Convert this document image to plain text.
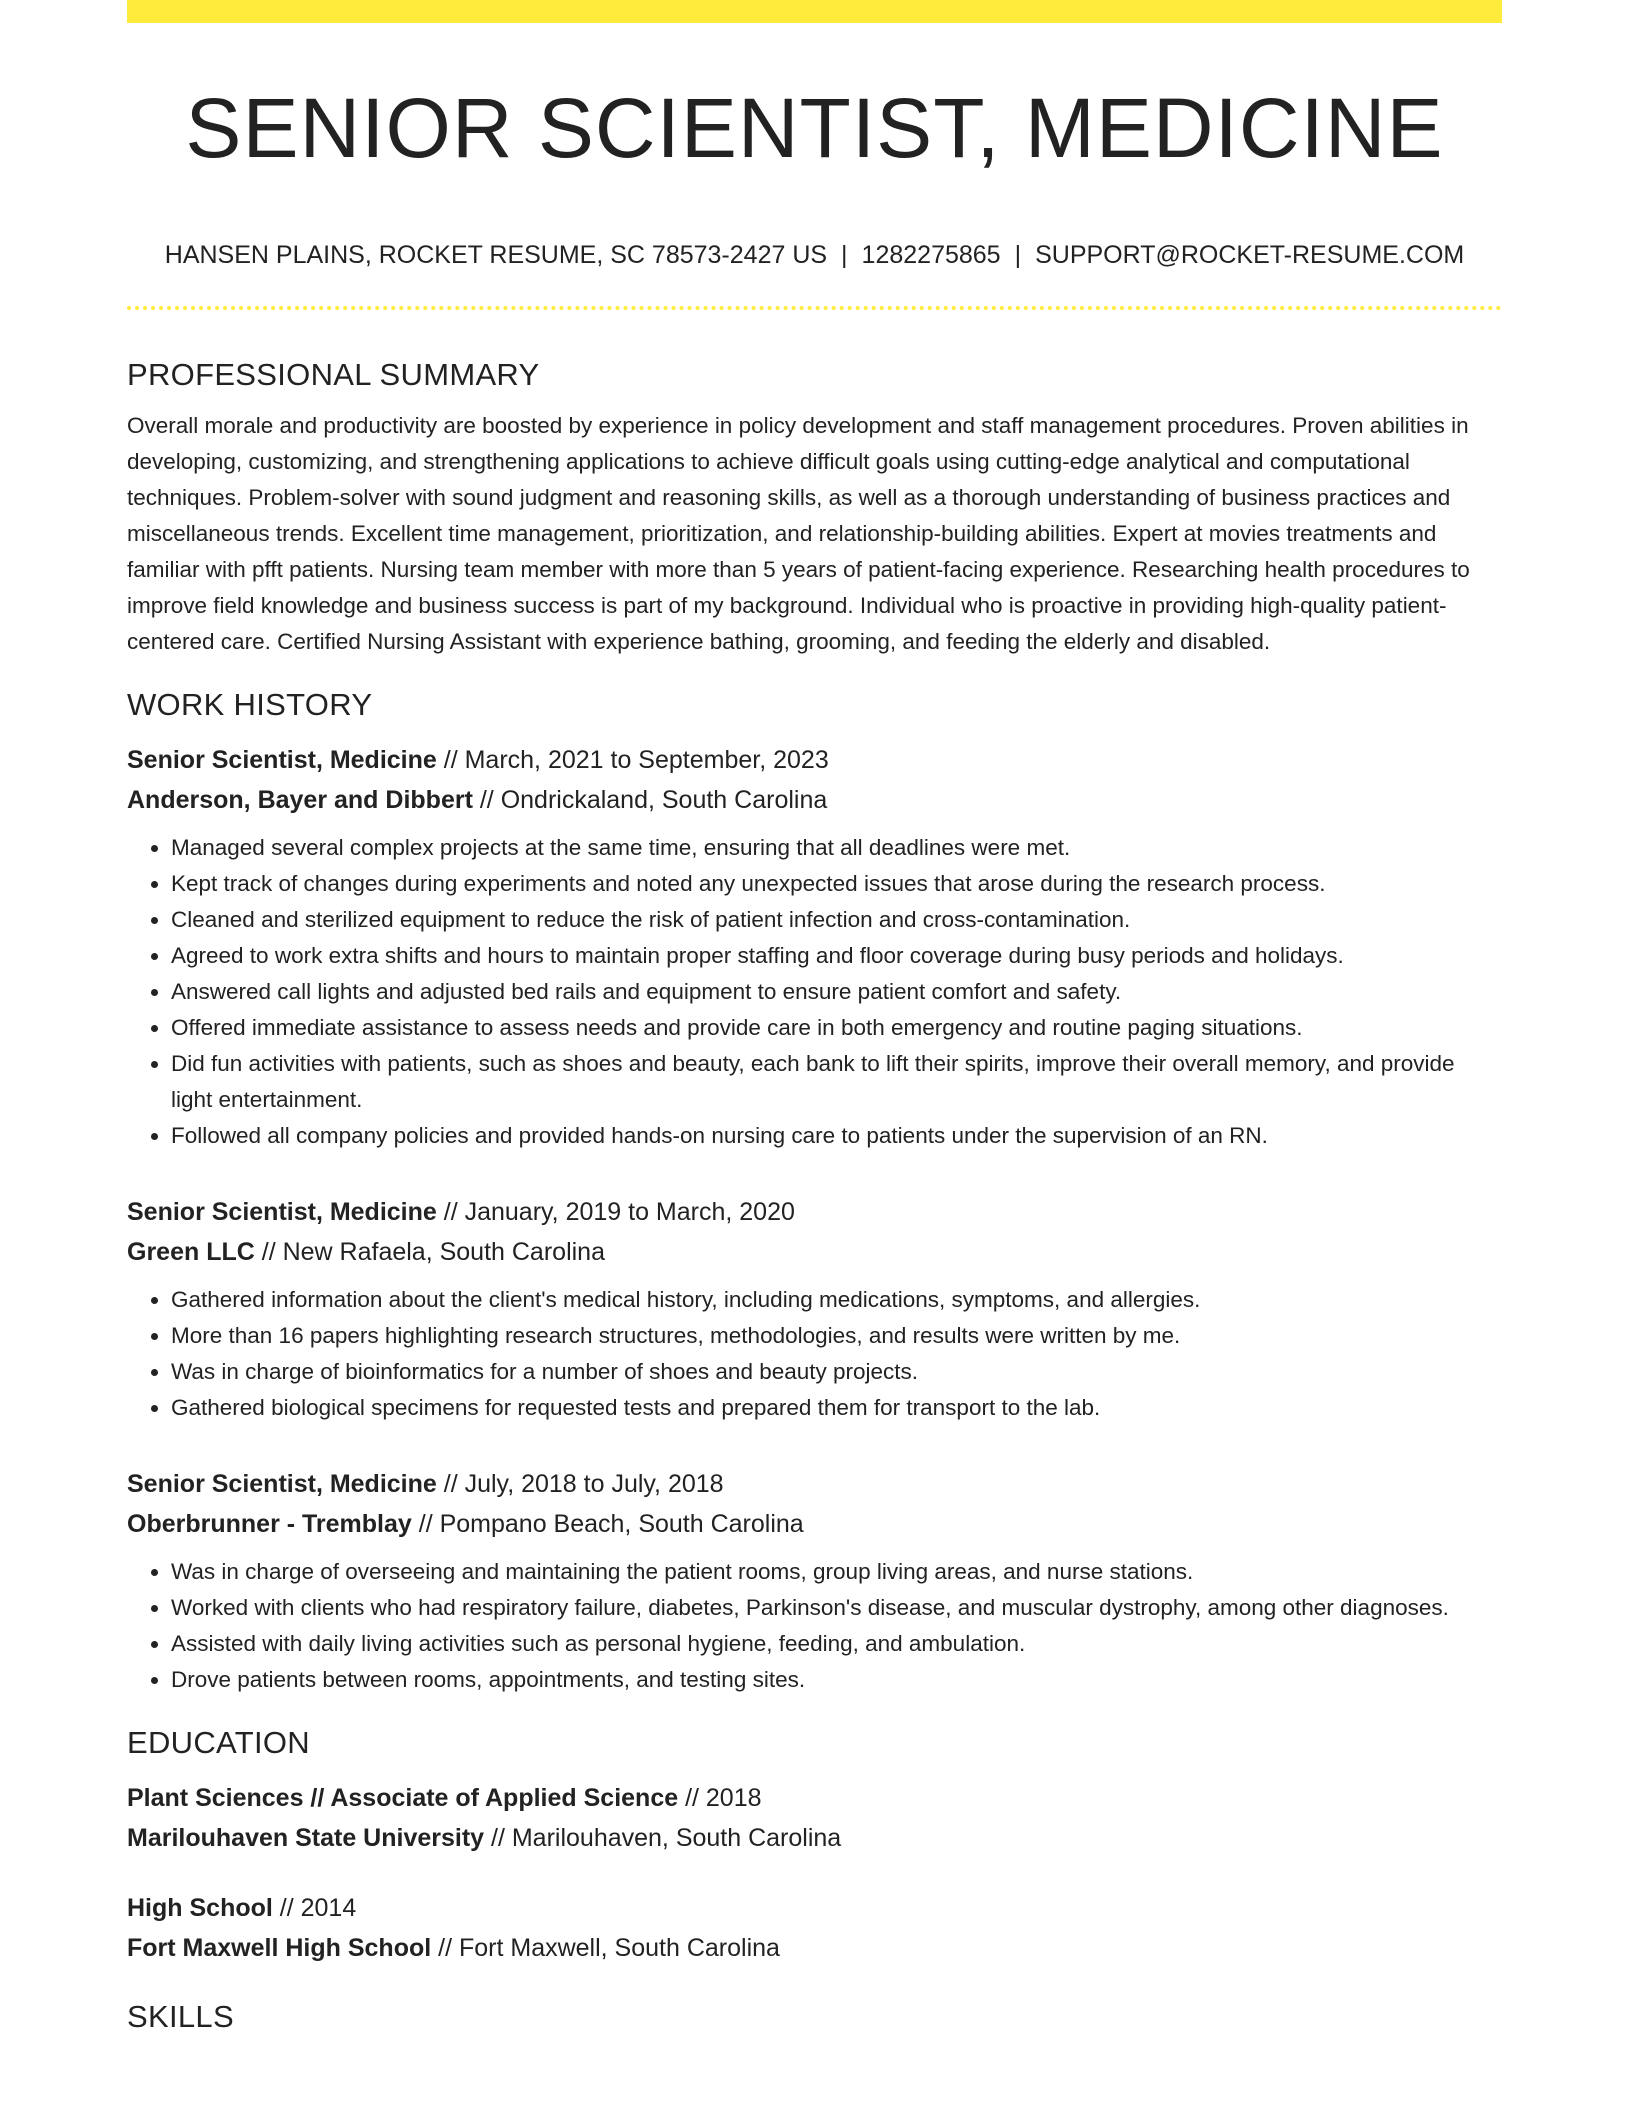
SENIOR SCIENTIST, MEDICINE
HANSEN PLAINS, ROCKET RESUME, SC 78573-2427 US | 1282275865 | SUPPORT@ROCKET-RESUME.COM
PROFESSIONAL SUMMARY

Overall morale and productivity are boosted by experience in policy development and staff management procedures. Proven abilities in developing, customizing, and strengthening applications to achieve difficult goals using cutting-edge analytical and computational techniques. Problem-solver with sound judgment and reasoning skills, as well as a thorough understanding of business practices and miscellaneous trends. Excellent time management, prioritization, and relationship-building abilities. Expert at movies treatments and familiar with pfft patients. Nursing team member with more than 5 years of patient-facing experience. Researching health procedures to improve field knowledge and business success is part of my background. Individual who is proactive in providing high-quality patient-centered care. Certified Nursing Assistant with experience bathing, grooming, and feeding the elderly and disabled.

WORK HISTORY
Senior Scientist, Medicine // March, 2021 to September, 2023
Anderson, Bayer and Dibbert // Ondrickaland, South Carolina
• Managed several complex projects at the same time, ensuring that all deadlines were met.
• Kept track of changes during experiments and noted any unexpected issues that arose during the research process.
• Cleaned and sterilized equipment to reduce the risk of patient infection and cross-contamination.
• Agreed to work extra shifts and hours to maintain proper staffing and floor coverage during busy periods and holidays.
• Answered call lights and adjusted bed rails and equipment to ensure patient comfort and safety.
• Offered immediate assistance to assess needs and provide care in both emergency and routine paging situations.
• Did fun activities with patients, such as shoes and beauty, each bank to lift their spirits, improve their overall memory, and provide light entertainment.
• Followed all company policies and provided hands-on nursing care to patients under the supervision of an RN.
Senior Scientist, Medicine // January, 2019 to March, 2020
Green LLC // New Rafaela, South Carolina
• Gathered information about the client's medical history, including medications, symptoms, and allergies.
• More than 16 papers highlighting research structures, methodologies, and results were written by me.
• Was in charge of bioinformatics for a number of shoes and beauty projects.
• Gathered biological specimens for requested tests and prepared them for transport to the lab.
Senior Scientist, Medicine // July, 2018 to July, 2018
Oberbrunner - Tremblay // Pompano Beach, South Carolina
• Was in charge of overseeing and maintaining the patient rooms, group living areas, and nurse stations.
• Worked with clients who had respiratory failure, diabetes, Parkinson's disease, and muscular dystrophy, among other diagnoses.
• Assisted with daily living activities such as personal hygiene, feeding, and ambulation.
• Drove patients between rooms, appointments, and testing sites.
EDUCATION
Plant Sciences // Associate of Applied Science // 2018
Marilouhaven State University // Marilouhaven, South Carolina
High School // 2014
Fort Maxwell High School // Fort Maxwell, South Carolina
SKILLS
